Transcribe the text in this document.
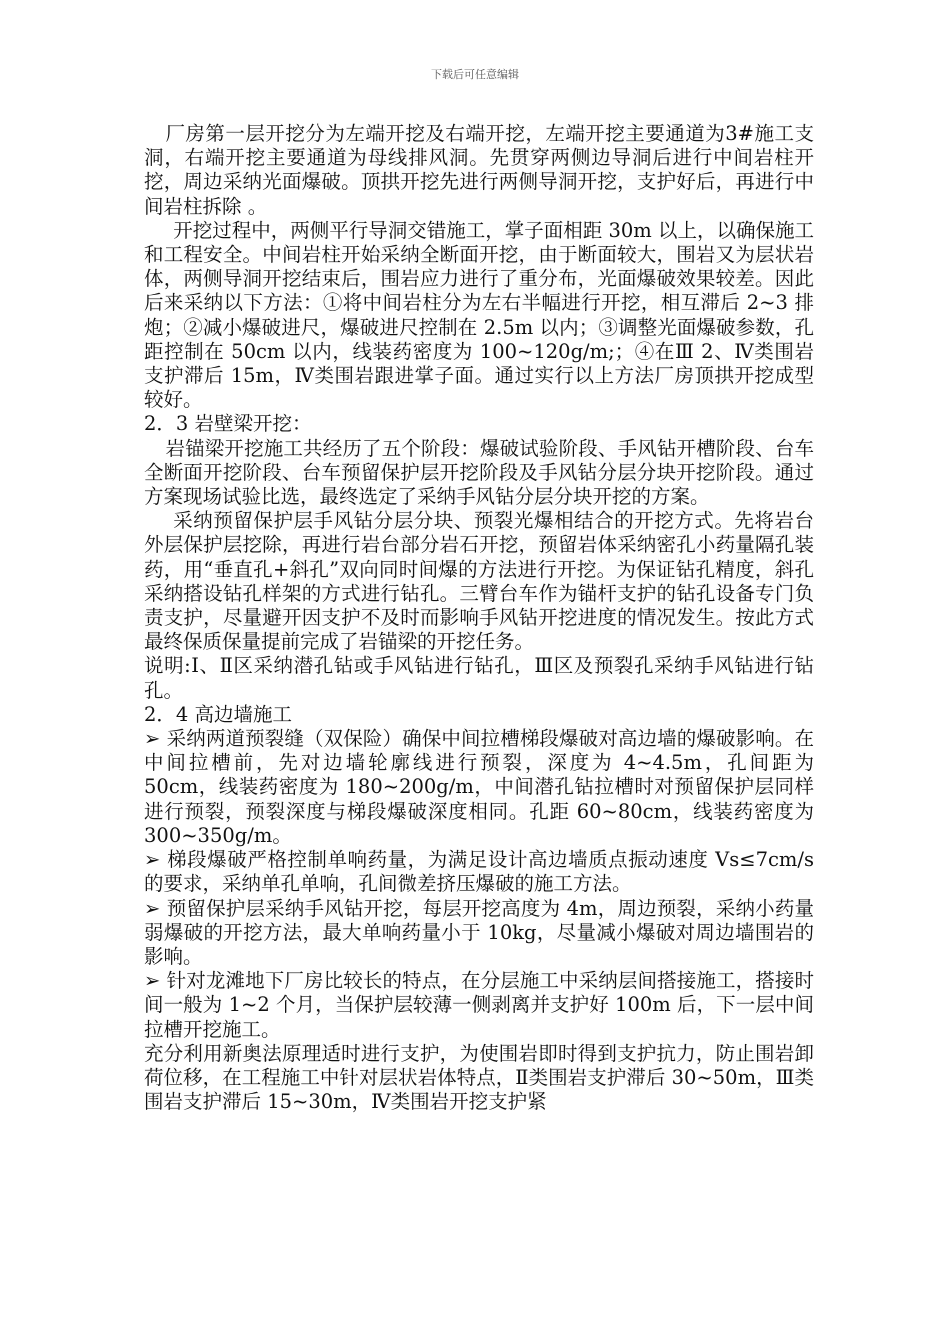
下载后可任意编辑

厂房第一层开挖分为左端开挖及右端开挖，左端开挖主要通道为3#施工支洞，右端开挖主要通道为母线排风洞。先贯穿两侧边导洞后进行中间岩柱开挖，周边采纳光面爆破。顶拱开挖先进行两侧导洞开挖，支护好后，再进行中间岩柱拆除 。

开挖过程中，两侧平行导洞交错施工，掌子面相距 30m 以上，以确保施工和工程安全。中间岩柱开始采纳全断面开挖，由于断面较大，围岩又为层状岩体，两侧导洞开挖结束后，围岩应力进行了重分布，光面爆破效果较差。因此后来采纳以下方法：①将中间岩柱分为左右半幅进行开挖，相互滞后 2~3 排炮；②减小爆破进尺，爆破进尺控制在 2.5m 以内；③调整光面爆破参数，孔距控制在 50cm 以内，线装药密度为 100~120g/m;；④在Ⅲ 2、Ⅳ类围岩支护滞后 15m，Ⅳ类围岩跟进掌子面。通过实行以上方法厂房顶拱开挖成型较好。

2．3 岩壁梁开挖：

岩锚梁开挖施工共经历了五个阶段：爆破试验阶段、手风钻开槽阶段、台车全断面开挖阶段、台车预留保护层开挖阶段及手风钻分层分块开挖阶段。通过方案现场试验比选，最终选定了采纳手风钻分层分块开挖的方案。

采纳预留保护层手风钻分层分块、预裂光爆相结合的开挖方式。先将岩台外层保护层挖除，再进行岩台部分岩石开挖，预留岩体采纳密孔小药量隔孔装药，用“垂直孔+斜孔”双向同时间爆的方法进行开挖。为保证钻孔精度，斜孔采纳搭设钻孔样架的方式进行钻孔。三臂台车作为锚杆支护的钻孔设备专门负责支护，尽量避开因支护不及时而影响手风钻开挖进度的情况发生。按此方式最终保质保量提前完成了岩锚梁的开挖任务。

说明:Ⅰ、Ⅱ区采纳潜孔钻或手风钻进行钻孔，Ⅲ区及预裂孔采纳手风钻进行钻孔。

2．4 高边墙施工

➢ 采纳两道预裂缝（双保险）确保中间拉槽梯段爆破对高边墙的爆破影响。在中间拉槽前，先对边墙轮廓线进行预裂，深度为 4~4.5m，孔间距为 50cm，线装药密度为 180~200g/m，中间潜孔钻拉槽时对预留保护层同样进行预裂，预裂深度与梯段爆破深度相同。孔距 60~80cm，线装药密度为 300~350g/m。

➢ 梯段爆破严格控制单响药量，为满足设计高边墙质点振动速度 Vs≤7cm/s 的要求，采纳单孔单响，孔间微差挤压爆破的施工方法。

➢ 预留保护层采纳手风钻开挖，每层开挖高度为 4m，周边预裂，采纳小药量弱爆破的开挖方法，最大单响药量小于 10kg，尽量减小爆破对周边墙围岩的影响。

➢ 针对龙滩地下厂房比较长的特点，在分层施工中采纳层间搭接施工，搭接时间一般为 1~2 个月，当保护层较薄一侧剥离并支护好 100m 后，下一层中间拉槽开挖施工。

充分利用新奥法原理适时进行支护，为使围岩即时得到支护抗力，防止围岩卸荷位移，在工程施工中针对层状岩体特点，Ⅱ类围岩支护滞后 30~50m，Ⅲ类围岩支护滞后 15~30m，Ⅳ类围岩开挖支护紧
